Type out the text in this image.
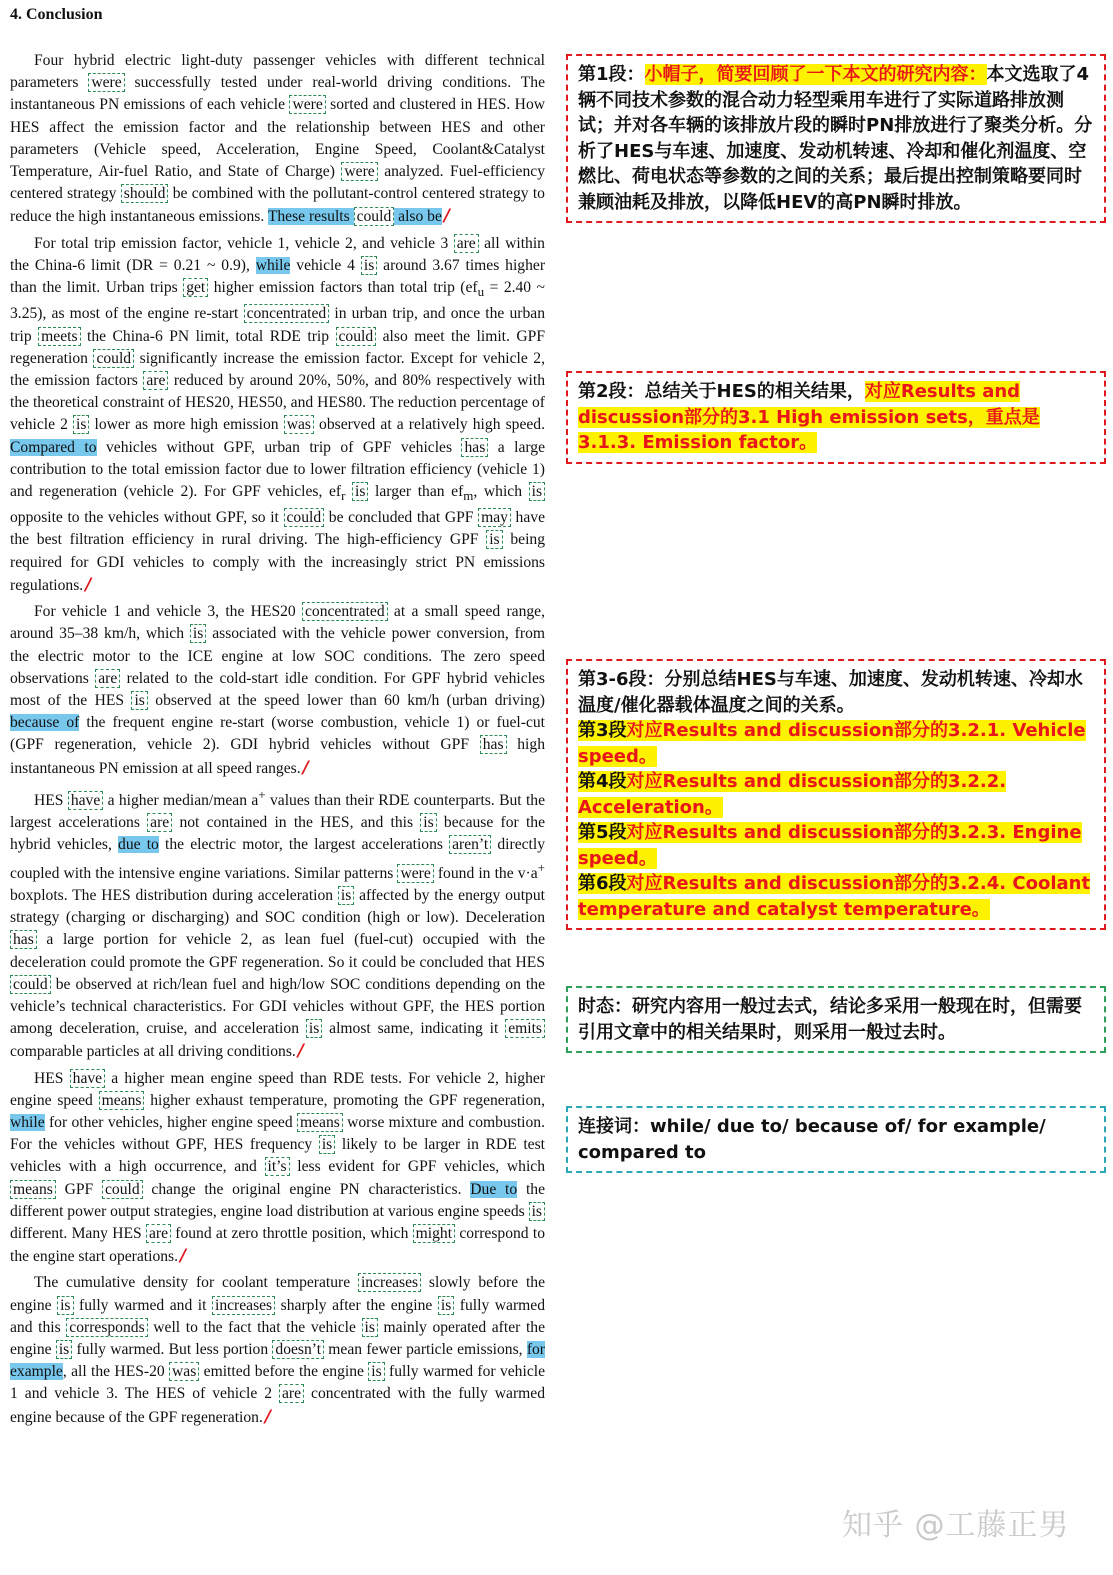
4. Conclusion

Four hybrid electric light-duty passenger vehicles with different technical parameters were successfully tested under real-world driving conditions. The instantaneous PN emissions of each vehicle were sorted and clustered in HES. How HES affect the emission factor and the relationship between HES and other parameters (Vehicle speed, Acceleration, Engine Speed, Coolant&Catalyst Temperature, Air-fuel Ratio, and State of Charge) were analyzed. Fuel-efficiency centered strategy should be combined with the pollutant-control centered strategy to reduce the high instantaneous emissions. These results could also be /

For total trip emission factor, vehicle 1, vehicle 2, and vehicle 3 are all within the China-6 limit (DR = 0.21 ~ 0.9), while vehicle 4 is around 3.67 times higher than the limit. Urban trips get higher emission factors than total trip ($ef_u = 2.40$ ~ 3.25), as most of the engine re-start concentrated in urban trip, and once the urban trip meets the China-6 PN limit, total RDE trip could also meet the limit. GPF regeneration could significantly increase the emission factor. Except for vehicle 2, the emission factors are reduced by around 20%, 50%, and 80% respectively with the theoretical constraint of HES20, HES50, and HES80. The reduction percentage of vehicle 2 is lower as more high emission was observed at a relatively high speed. Compared to vehicles without GPF, urban trip of GPF vehicles has a large contribution to the total emission factor due to lower filtration efficiency (vehicle 1) and regeneration (vehicle 2). For GPF vehicles, $ef_r$ is larger than $ef_m$, which is opposite to the vehicles without GPF, so it could be concluded that GPF may have the best filtration efficiency in rural driving. The high-efficiency GPF is being required for GDI vehicles to comply with the increasingly strict PN emissions regulations. /

For vehicle 1 and vehicle 3, the HES20 concentrated at a small speed range, around 35–38 km/h, which is associated with the vehicle power conversion, from the electric motor to the ICE engine at low SOC conditions. The zero speed observations are related to the cold-start idle condition. For GPF hybrid vehicles most of the HES is observed at the speed lower than 60 km/h (urban driving) because of the frequent engine re-start (worse combustion, vehicle 1) or fuel-cut (GPF regeneration, vehicle 2). GDI hybrid vehicles without GPF has high instantaneous PN emission at all speed ranges. /

HES have a higher median/mean a+ values than their RDE counterparts. But the largest accelerations are not contained in the HES, and this is because for the hybrid vehicles, due to the electric motor, the largest accelerations aren’t directly coupled with the intensive engine variations. Similar patterns were found in the v·a+ boxplots. The HES distribution during acceleration is affected by the energy output strategy (charging or discharging) and SOC condition (high or low). Deceleration has a large portion for vehicle 2, as lean fuel (fuel-cut) occupied with the deceleration could promote the GPF regeneration. So it could be concluded that HES could be observed at rich/lean fuel and high/low SOC conditions depending on the vehicle’s technical characteristics. For GDI vehicles without GPF, the HES portion among deceleration, cruise, and acceleration is almost same, indicating it emits comparable particles at all driving conditions. /

HES have a higher mean engine speed than RDE tests. For vehicle 2, higher engine speed means higher exhaust temperature, promoting the GPF regeneration, while for other vehicles, higher engine speed means worse mixture and combustion. For the vehicles without GPF, HES frequency is likely to be larger in RDE test vehicles with a high occurrence, and it’s less evident for GPF vehicles, which means GPF could change the original engine PN characteristics. Due to the different power output strategies, engine load distribution at various engine speeds is different. Many HES are found at zero throttle position, which might correspond to the engine start operations. /

The cumulative density for coolant temperature increases slowly before the engine is fully warmed and it increases sharply after the engine is fully warmed and this corresponds well to the fact that the vehicle is mainly operated after the engine is fully warmed. But less portion doesn’t mean fewer particle emissions, for example, all the HES-20 was emitted before the engine is fully warmed for vehicle 1 and vehicle 3. The HES of vehicle 2 are concentrated with the fully warmed engine because of the GPF regeneration. /

第1段：小帽子，简要回顾了一下本文的研究内容：本文选取了4辆不同技术参数的混合动力轻型乘用车进行了实际道路排放测试；并对各车辆的该排放片段的瞬时PN排放进行了聚类分析。分析了HES与车速、加速度、发动机转速、冷却和催化剂温度、空燃比、荷电状态等参数的之间的关系；最后提出控制策略要同时兼顾油耗及排放，以降低HEV的高PN瞬时排放。
第2段：总结关于HES的相关结果，对应Results and discussion部分的3.1 High emission sets，重点是3.1.3. Emission factor。
第3-6段：分别总结HES与车速、加速度、发动机转速、冷却水温度/催化器载体温度之间的关系。
第3段对应Results and discussion部分的3.2.1. Vehicle speed。
第4段对应Results and discussion部分的3.2.2. Acceleration。
第5段对应Results and discussion部分的3.2.3. Engine speed。
第6段对应Results and discussion部分的3.2.4. Coolant temperature and catalyst temperature。
时态：研究内容用一般过去式，结论多采用一般现在时，但需要引用文章中的相关结果时，则采用一般过去时。
连接词：while/ due to/ because of/ for example/ compared to
知乎 @工藤正男
